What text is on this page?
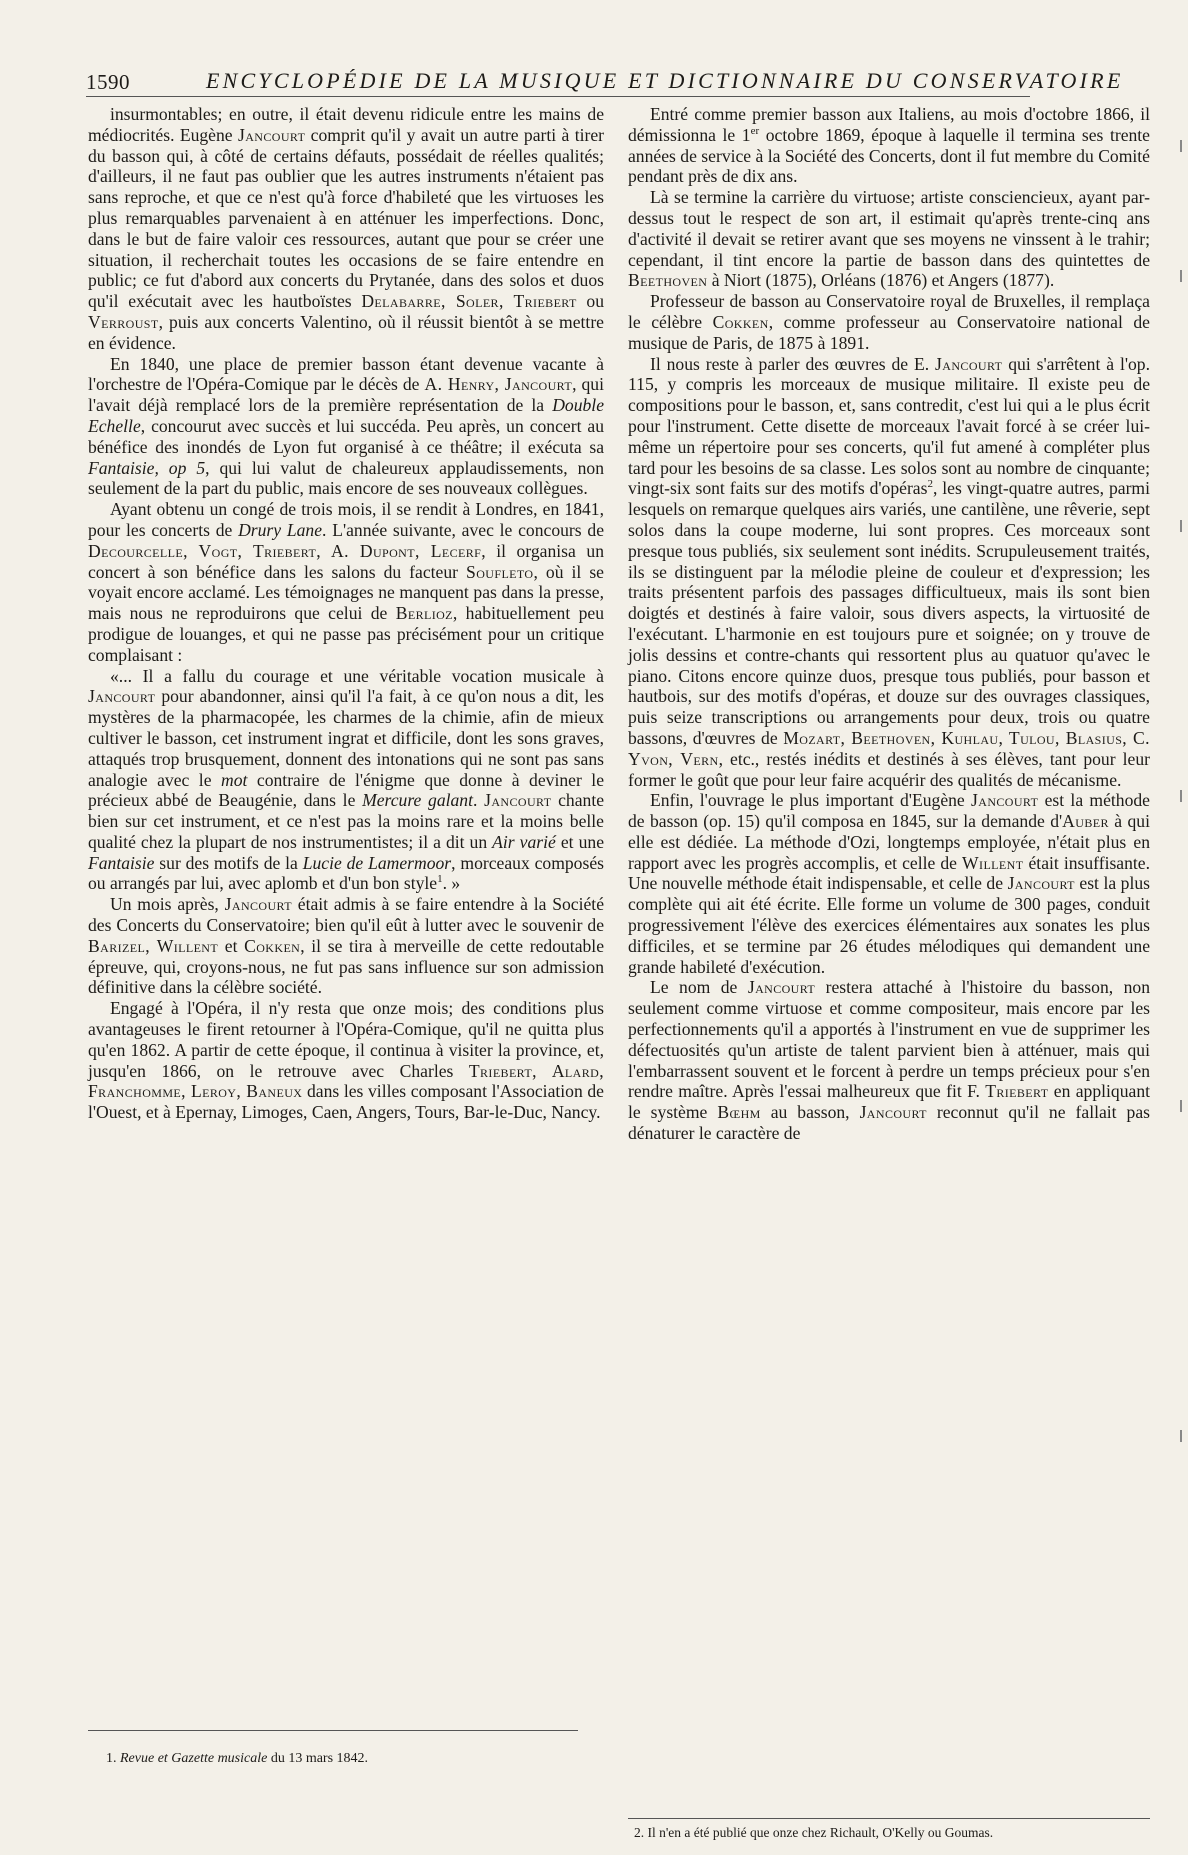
1590	ENCYCLOPÉDIE DE LA MUSIQUE ET DICTIONNAIRE DU CONSERVATOIRE

insurmontables; en outre, il était devenu ridicule entre les mains de médiocrités. Eugène Jancourt comprit qu'il y avait un autre parti à tirer du basson qui, à côté de certains défauts, possédait de réelles qualités; d'ailleurs, il ne faut pas oublier que les autres instruments n'étaient pas sans reproche, et que ce n'est qu'à force d'habileté que les virtuoses les plus remarquables parvenaient à en atténuer les imperfections. Donc, dans le but de faire valoir ces ressources, autant que pour se créer une situation, il recherchait toutes les occasions de se faire entendre en public; ce fut d'abord aux concerts du Prytanée, dans des solos et duos qu'il exécutait avec les hautboïstes Delabarre, Soler, Triebert ou Verroust, puis aux concerts Valentino, où il réussit bientôt à se mettre en évidence.

En 1840, une place de premier basson étant devenue vacante à l'orchestre de l'Opéra-Comique par le décès de A. Henry, Jancourt, qui l'avait déjà remplacé lors de la première représentation de la Double Echelle, concourut avec succès et lui succéda. Peu après, un concert au bénéfice des inondés de Lyon fut organisé à ce théâtre; il exécuta sa Fantaisie, op 5, qui lui valut de chaleureux applaudissements, non seulement de la part du public, mais encore de ses nouveaux collègues.

Ayant obtenu un congé de trois mois, il se rendit à Londres, en 1841, pour les concerts de Drury Lane. L'année suivante, avec le concours de Decourcelle, Vogt, Triebert, A. Dupont, Lecerf, il organisa un concert à son bénéfice dans les salons du facteur Soufleto, où il se voyait encore acclamé. Les témoignages ne manquent pas dans la presse, mais nous ne reproduirons que celui de Berlioz, habituellement peu prodigue de louanges, et qui ne passe pas précisément pour un critique complaisant :

«... Il a fallu du courage et une véritable vocation musicale à Jancourt pour abandonner, ainsi qu'il l'a fait, à ce qu'on nous a dit, les mystères de la pharmacopée, les charmes de la chimie, afin de mieux cultiver le basson, cet instrument ingrat et difficile, dont les sons graves, attaqués trop brusquement, donnent des intonations qui ne sont pas sans analogie avec le mot contraire de l'énigme que donne à deviner le précieux abbé de Beaugénie, dans le Mercure galant. Jancourt chante bien sur cet instrument, et ce n'est pas la moins rare et la moins belle qualité chez la plupart de nos instrumentistes; il a dit un Air varié et une Fantaisie sur des motifs de la Lucie de Lamermoor, morceaux composés ou arrangés par lui, avec aplomb et d'un bon style$^1$. »

Un mois après, Jancourt était admis à se faire entendre à la Société des Concerts du Conservatoire; bien qu'il eût à lutter avec le souvenir de Barizel, Willent et Cokken, il se tira à merveille de cette redoutable épreuve, qui, croyons-nous, ne fut pas sans influence sur son admission définitive dans la célèbre société.

Engagé à l'Opéra, il n'y resta que onze mois; des conditions plus avantageuses le firent retourner à l'Opéra-Comique, qu'il ne quitta plus qu'en 1862. A partir de cette époque, il continua à visiter la province, et, jusqu'en 1866, on le retrouve avec Charles Triebert, Alard, Franchomme, Leroy, Baneux dans les villes composant l'Association de l'Ouest, et à Epernay, Limoges, Caen, Angers, Tours, Bar-le-Duc, Nancy.

1. Revue et Gazette musicale du 13 mars 1842.

Entré comme premier basson aux Italiens, au mois d'octobre 1866, il démissionna le 1er octobre 1869, époque à laquelle il termina ses trente années de service à la Société des Concerts, dont il fut membre du Comité pendant près de dix ans.

Là se termine la carrière du virtuose; artiste consciencieux, ayant par-dessus tout le respect de son art, il estimait qu'après trente-cinq ans d'activité il devait se retirer avant que ses moyens ne vinssent à le trahir; cependant, il tint encore la partie de basson dans des quintettes de Beethoven à Niort (1875), Orléans (1876) et Angers (1877).

Professeur de basson au Conservatoire royal de Bruxelles, il remplaça le célèbre Cokken, comme professeur au Conservatoire national de musique de Paris, de 1875 à 1891.

Il nous reste à parler des œuvres de E. Jancourt qui s'arrêtent à l'op. 115, y compris les morceaux de musique militaire. Il existe peu de compositions pour le basson, et, sans contredit, c'est lui qui a le plus écrit pour l'instrument. Cette disette de morceaux l'avait forcé à se créer lui-même un répertoire pour ses concerts, qu'il fut amené à compléter plus tard pour les besoins de sa classe. Les solos sont au nombre de cinquante; vingt-six sont faits sur des motifs d'opéras$^2$, les vingt-quatre autres, parmi lesquels on remarque quelques airs variés, une cantilène, une rêverie, sept solos dans la coupe moderne, lui sont propres. Ces morceaux sont presque tous publiés, six seulement sont inédits. Scrupuleusement traités, ils se distinguent par la mélodie pleine de couleur et d'expression; les traits présentent parfois des passages difficultueux, mais ils sont bien doigtés et destinés à faire valoir, sous divers aspects, la virtuosité de l'exécutant. L'harmonie en est toujours pure et soignée; on y trouve de jolis dessins et contre-chants qui ressortent plus au quatuor qu'avec le piano. Citons encore quinze duos, presque tous publiés, pour basson et hautbois, sur des motifs d'opéras, et douze sur des ouvrages classiques, puis seize transcriptions ou arrangements pour deux, trois ou quatre bassons, d'œuvres de Mozart, Beethoven, Kuhlau, Tulou, Blasius, C. Yvon, Vern, etc., restés inédits et destinés à ses élèves, tant pour leur former le goût que pour leur faire acquérir des qualités de mécanisme.

Enfin, l'ouvrage le plus important d'Eugène Jancourt est la méthode de basson (op. 15) qu'il composa en 1845, sur la demande d'Auber à qui elle est dédiée. La méthode d'Ozi, longtemps employée, n'était plus en rapport avec les progrès accomplis, et celle de Willent était insuffisante. Une nouvelle méthode était indispensable, et celle de Jancourt est la plus complète qui ait été écrite. Elle forme un volume de 300 pages, conduit progressivement l'élève des exercices élémentaires aux sonates les plus difficiles, et se termine par 26 études mélodiques qui demandent une grande habileté d'exécution.

Le nom de Jancourt restera attaché à l'histoire du basson, non seulement comme virtuose et comme compositeur, mais encore par les perfectionnements qu'il a apportés à l'instrument en vue de supprimer les défectuosités qu'un artiste de talent parvient bien à atténuer, mais qui l'embarrassent souvent et le forcent à perdre un temps précieux pour s'en rendre maître. Après l'essai malheureux que fit F. Triebert en appliquant le système Bœhm au basson, Jancourt reconnut qu'il ne fallait pas dénaturer le caractère de

2. Il n'en a été publié que onze chez Richault, O'Kelly ou Goumas.
